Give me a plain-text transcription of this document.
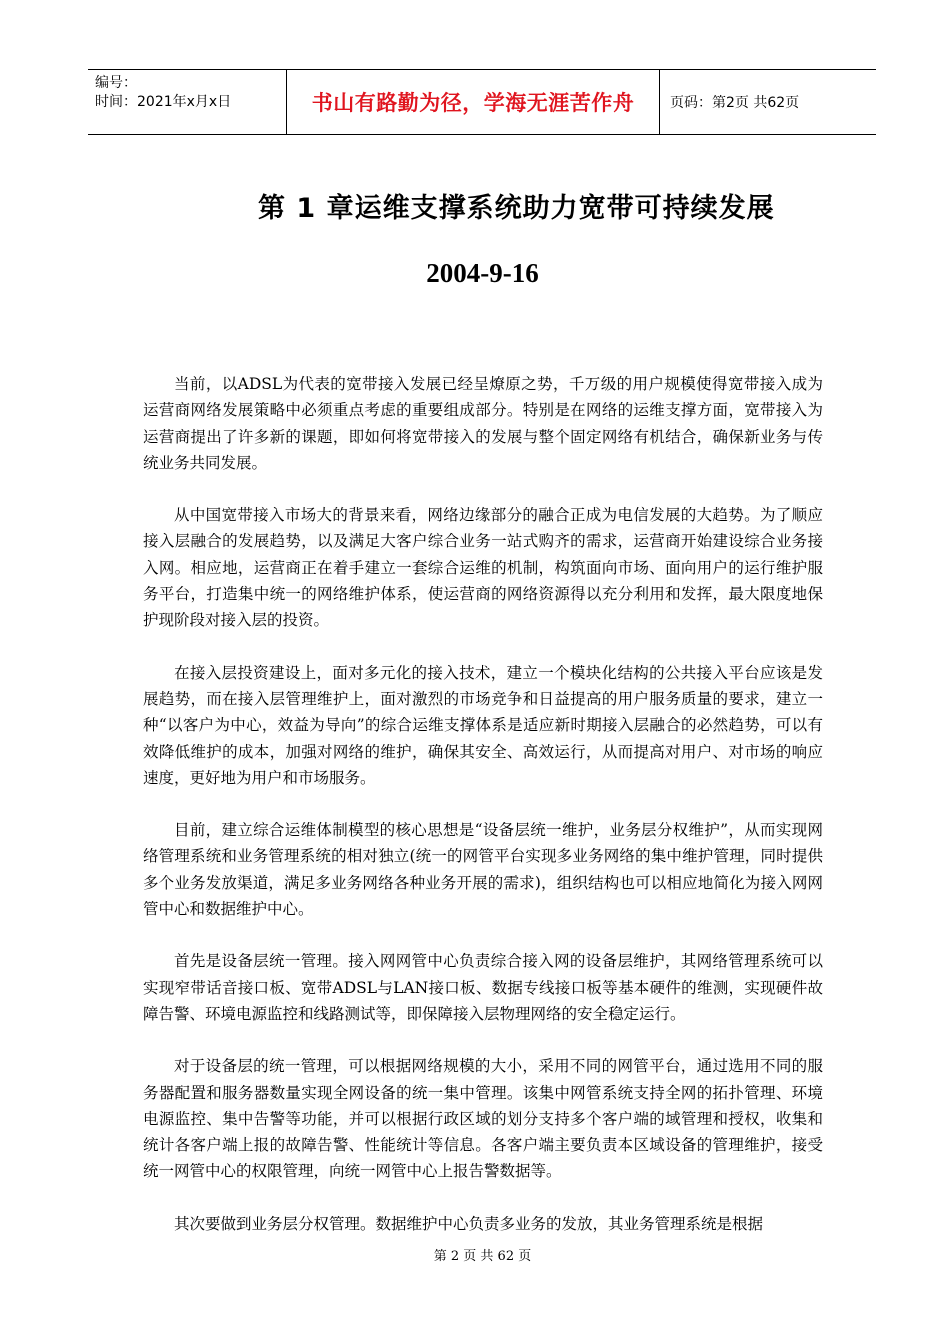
编号：
时间：2021年x月x日	书山有路勤为径，学海无涯苦作舟	页码：第2页 共62页
第 1 章运维支撑系统助力宽带可持续发展
2004-9-16

当前，以ADSL为代表的宽带接入发展已经呈燎原之势，千万级的用户规模使得宽带接入成为运营商网络发展策略中必须重点考虑的重要组成部分。特别是在网络的运维支撑方面，宽带接入为运营商提出了许多新的课题，即如何将宽带接入的发展与整个固定网络有机结合，确保新业务与传统业务共同发展。

从中国宽带接入市场大的背景来看，网络边缘部分的融合正成为电信发展的大趋势。为了顺应接入层融合的发展趋势，以及满足大客户综合业务一站式购齐的需求，运营商开始建设综合业务接入网。相应地，运营商正在着手建立一套综合运维的机制，构筑面向市场、面向用户的运行维护服务平台，打造集中统一的网络维护体系，使运营商的网络资源得以充分利用和发挥，最大限度地保护现阶段对接入层的投资。

在接入层投资建设上，面对多元化的接入技术，建立一个模块化结构的公共接入平台应该是发展趋势，而在接入层管理维护上，面对激烈的市场竞争和日益提高的用户服务质量的要求，建立一种“以客户为中心，效益为导向”的综合运维支撑体系是适应新时期接入层融合的必然趋势，可以有效降低维护的成本，加强对网络的维护，确保其安全、高效运行，从而提高对用户、对市场的响应速度，更好地为用户和市场服务。

目前，建立综合运维体制模型的核心思想是“设备层统一维护，业务层分权维护”，从而实现网络管理系统和业务管理系统的相对独立(统一的网管平台实现多业务网络的集中维护管理，同时提供多个业务发放渠道，满足多业务网络各种业务开展的需求)，组织结构也可以相应地简化为接入网网管中心和数据维护中心。

首先是设备层统一管理。接入网网管中心负责综合接入网的设备层维护，其网络管理系统可以实现窄带话音接口板、宽带ADSL与LAN接口板、数据专线接口板等基本硬件的维测，实现硬件故障告警、环境电源监控和线路测试等，即保障接入层物理网络的安全稳定运行。

对于设备层的统一管理，可以根据网络规模的大小，采用不同的网管平台，通过选用不同的服务器配置和服务器数量实现全网设备的统一集中管理。该集中网管系统支持全网的拓扑管理、环境电源监控、集中告警等功能，并可以根据行政区域的划分支持多个客户端的域管理和授权，收集和统计各客户端上报的故障告警、性能统计等信息。各客户端主要负责本区域设备的管理维护，接受统一网管中心的权限管理，向统一网管中心上报告警数据等。

其次要做到业务层分权管理。数据维护中心负责多业务的发放，其业务管理系统是根据

第 2 页 共 62 页
